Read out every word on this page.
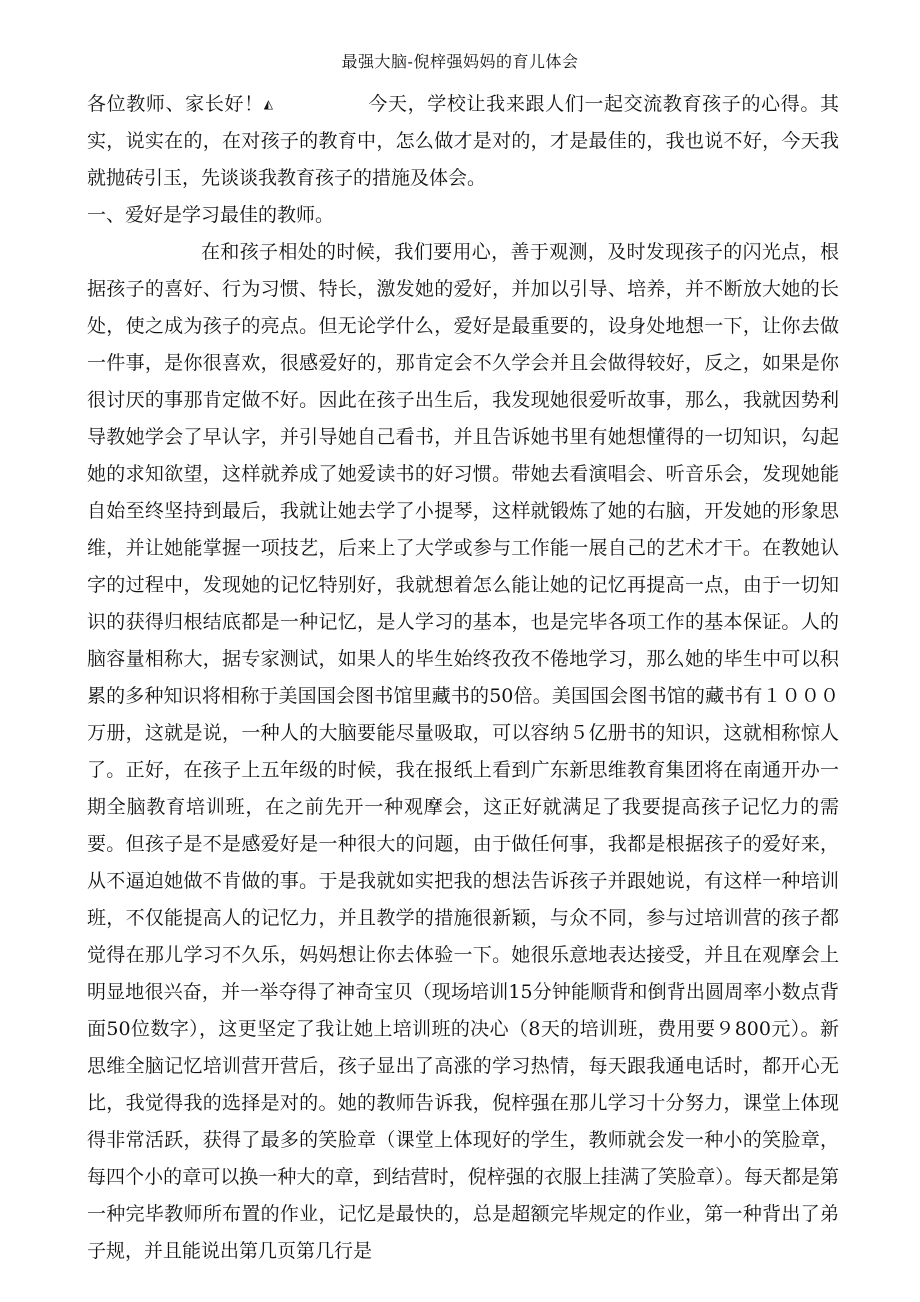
最强大脑-倪梓强妈妈的育儿体会

各位教师、家长好！◭	今天，学校让我来跟人们一起交流教育孩子的心得。其实，说实在的，在对孩子的教育中，怎么做才是对的，才是最佳的，我也说不好，今天我就抛砖引玉，先谈谈我教育孩子的措施及体会。

一、爱好是学习最佳的教师。

在和孩子相处的时候，我们要用心，善于观测，及时发现孩子的闪光点，根据孩子的喜好、行为习惯、特长，激发她的爱好，并加以引导、培养，并不断放大她的长处，使之成为孩子的亮点。但无论学什么，爱好是最重要的，设身处地想一下，让你去做一件事，是你很喜欢，很感爱好的，那肯定会不久学会并且会做得较好，反之，如果是你很讨厌的事那肯定做不好。因此在孩子出生后，我发现她很爱听故事，那么，我就因势利导教她学会了早认字，并引导她自己看书，并且告诉她书里有她想懂得的一切知识，勾起她的求知欲望，这样就养成了她爱读书的好习惯。带她去看演唱会、听音乐会，发现她能自始至终坚持到最后，我就让她去学了小提琴，这样就锻炼了她的右脑，开发她的形象思维，并让她能掌握一项技艺，后来上了大学或参与工作能一展自己的艺术才干。在教她认字的过程中，发现她的记忆特别好，我就想着怎么能让她的记忆再提高一点，由于一切知识的获得归根结底都是一种记忆，是人学习的基本，也是完毕各项工作的基本保证。人的脑容量相称大，据专家测试，如果人的毕生始终孜孜不倦地学习，那么她的毕生中可以积累的多种知识将相称于美国国会图书馆里藏书的50倍。美国国会图书馆的藏书有１０００万册，这就是说，一种人的大脑要能尽量吸取，可以容纳５亿册书的知识，这就相称惊人了。正好，在孩子上五年级的时候，我在报纸上看到广东新思维教育集团将在南通开办一期全脑教育培训班，在之前先开一种观摩会，这正好就满足了我要提高孩子记忆力的需要。但孩子是不是感爱好是一种很大的问题，由于做任何事，我都是根据孩子的爱好来，从不逼迫她做不肯做的事。于是我就如实把我的想法告诉孩子并跟她说，有这样一种培训班，不仅能提高人的记忆力，并且教学的措施很新颖，与众不同，参与过培训营的孩子都觉得在那儿学习不久乐，妈妈想让你去体验一下。她很乐意地表达接受，并且在观摩会上明显地很兴奋，并一举夺得了神奇宝贝（现场培训15分钟能顺背和倒背出圆周率小数点背面50位数字），这更坚定了我让她上培训班的决心（8天的培训班，费用要９800元）。新思维全脑记忆培训营开营后，孩子显出了高涨的学习热情，每天跟我通电话时，都开心无比，我觉得我的选择是对的。她的教师告诉我，倪梓强在那儿学习十分努力，课堂上体现得非常活跃，获得了最多的笑脸章（课堂上体现好的学生，教师就会发一种小的笑脸章，每四个小的章可以换一种大的章，到结营时，倪梓强的衣服上挂满了笑脸章）。每天都是第一种完毕教师所布置的作业，记忆是最快的，总是超额完毕规定的作业，第一种背出了弟子规，并且能说出第几页第几行是
